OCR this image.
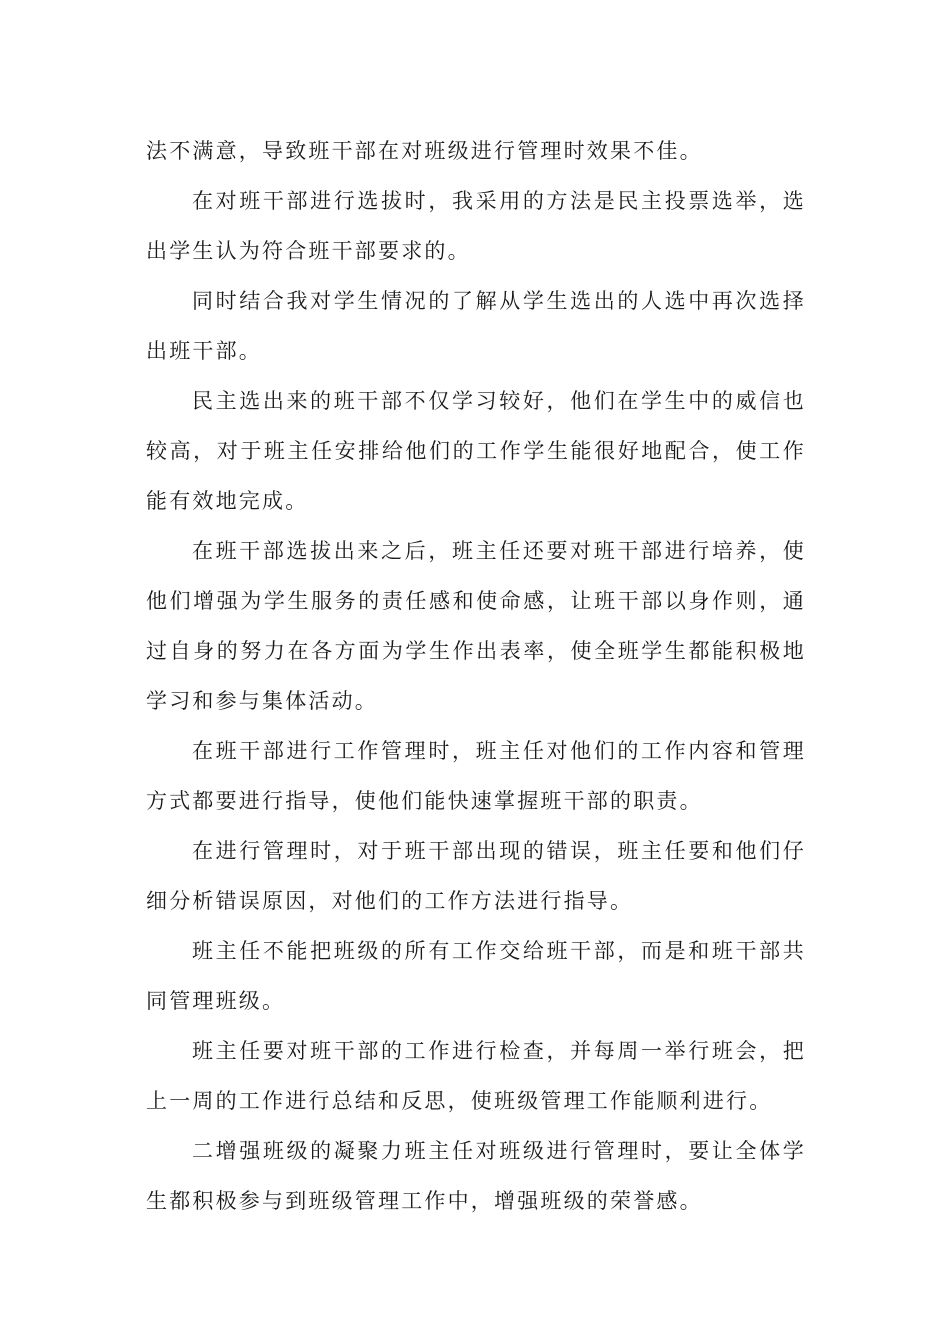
法不满意，导致班干部在对班级进行管理时效果不佳。

在对班干部进行选拔时，我采用的方法是民主投票选举，选出学生认为符合班干部要求的。

同时结合我对学生情况的了解从学生选出的人选中再次选择出班干部。

民主选出来的班干部不仅学习较好，他们在学生中的威信也较高，对于班主任安排给他们的工作学生能很好地配合，使工作能有效地完成。

在班干部选拔出来之后，班主任还要对班干部进行培养，使他们增强为学生服务的责任感和使命感，让班干部以身作则，通过自身的努力在各方面为学生作出表率，使全班学生都能积极地学习和参与集体活动。

在班干部进行工作管理时，班主任对他们的工作内容和管理方式都要进行指导，使他们能快速掌握班干部的职责。

在进行管理时，对于班干部出现的错误，班主任要和他们仔细分析错误原因，对他们的工作方法进行指导。

班主任不能把班级的所有工作交给班干部，而是和班干部共同管理班级。

班主任要对班干部的工作进行检查，并每周一举行班会，把上一周的工作进行总结和反思，使班级管理工作能顺利进行。

二增强班级的凝聚力班主任对班级进行管理时，要让全体学生都积极参与到班级管理工作中，增强班级的荣誉感。
